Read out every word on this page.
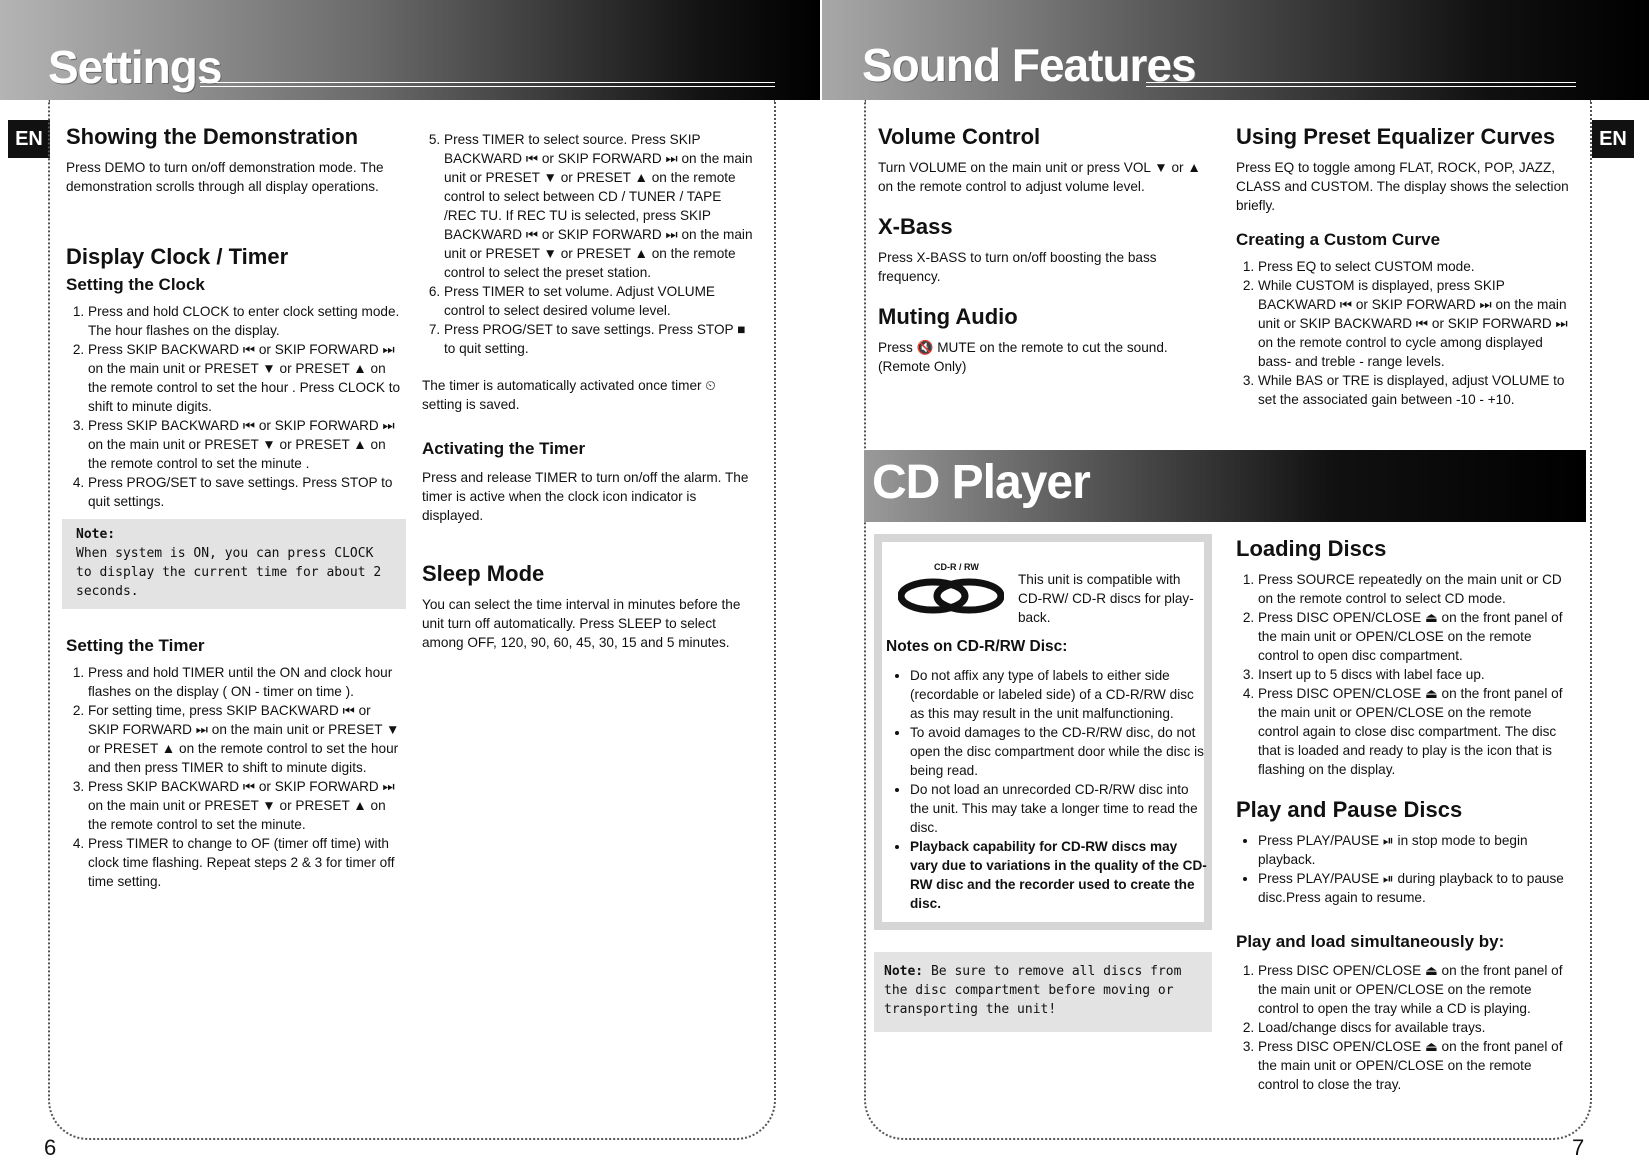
Settings	Sound Features
EN	EN
6	7
Showing the Demonstration

Press DEMO to turn on/off demonstration mode. The demonstration scrolls through all display operations.

Display Clock / Timer
Setting the Clock
1. Press and hold CLOCK to enter clock setting mode. The hour flashes on the display.
2. Press SKIP BACKWARD ⏮ or SKIP FORWARD ⏭ on the main unit or PRESET ▼ or PRESET ▲ on the remote control to set the hour . Press CLOCK to shift to minute digits.
3. Press SKIP BACKWARD ⏮ or SKIP FORWARD ⏭ on the main unit or PRESET ▼ or PRESET ▲ on the remote control to set the minute .
4. Press PROG/SET to save settings. Press STOP to quit settings.
Note:
When system is ON, you can press CLOCK to display the current time for about 2 seconds.
Setting the Timer
1. Press and hold TIMER until the ON and clock hour flashes on the display ( ON - timer on time ).
2. For setting time, press SKIP BACKWARD ⏮ or SKIP FORWARD ⏭ on the main unit or PRESET ▼ or PRESET ▲ on the remote control to set the hour and then press TIMER to shift to minute digits.
3. Press SKIP BACKWARD ⏮ or SKIP FORWARD ⏭ on the main unit or PRESET ▼ or PRESET ▲ on the remote control to set the minute.
4. Press TIMER to change to OF (timer off time) with clock time flashing. Repeat steps 2 & 3 for timer off time setting.
5. Press TIMER to select source. Press SKIP BACKWARD ⏮ or SKIP FORWARD ⏭ on the main unit or PRESET ▼ or PRESET ▲ on the remote control to select between CD / TUNER / TAPE /REC TU. If REC TU is selected, press SKIP BACKWARD ⏮ or SKIP FORWARD ⏭ on the main unit or PRESET ▼ or PRESET ▲ on the remote control to select the preset station.
6. Press TIMER to set volume. Adjust VOLUME control to select desired volume level.
7. Press PROG/SET to save settings. Press STOP ■ to quit setting.

The timer is automatically activated once timer ⏲ setting is saved.

Activating the Timer

Press and release TIMER to turn on/off the alarm. The timer is active when the clock icon indicator is displayed.

Sleep Mode

You can select the time interval in minutes before the unit turn off automatically. Press SLEEP to select among OFF, 120, 90, 60, 45, 30, 15 and 5 minutes.

Volume Control

Turn VOLUME on the main unit or press VOL ▼ or ▲ on the remote control to adjust volume level.

X-Bass

Press X-BASS to turn on/off boosting the bass frequency.

Muting Audio

Press 🔇 MUTE on the remote to cut the sound. (Remote Only)

Using Preset Equalizer Curves

Press EQ to toggle among FLAT, ROCK, POP, JAZZ, CLASS and CUSTOM. The display shows the selection briefly.

Creating a Custom Curve
1. Press EQ to select CUSTOM mode.
2. While CUSTOM is displayed, press SKIP BACKWARD ⏮ or SKIP FORWARD ⏭ on the main unit or SKIP BACKWARD ⏮ or SKIP FORWARD ⏭ on the remote control to cycle among displayed bass- and treble - range levels.
3. While BAS or TRE is displayed, adjust VOLUME to set the associated gain between -10 - +10.
CD Player
CD-R / RW

This unit is compatible with CD-RW/ CD-R discs for play-back.

Notes on CD-R/RW Disc:
• Do not affix any type of labels to either side (recordable or labeled side) of a CD-R/RW disc as this may result in the unit malfunctioning.
• To avoid damages to the CD-R/RW disc, do not open the disc compartment door while the disc is being read.
• Do not load an unrecorded CD-R/RW disc into the unit. This may take a longer time to read the disc.
• Playback capability for CD-RW discs may vary due to variations in the quality of the CD-RW disc and the recorder used to create the disc.
Note: Be sure to remove all discs from the disc compartment before moving or transporting the unit!
Loading Discs
1. Press SOURCE repeatedly on the main unit or CD on the remote control to select CD mode.
2. Press DISC OPEN/CLOSE ⏏ on the front panel of the main unit or OPEN/CLOSE on the remote control to open disc compartment.
3. Insert up to 5 discs with label face up.
4. Press DISC OPEN/CLOSE ⏏ on the front panel of the main unit or OPEN/CLOSE on the remote control again to close disc compartment. The disc that is loaded and ready to play is the icon that is flashing on the display.
Play and Pause Discs
• Press PLAY/PAUSE ⏯ in stop mode to begin playback.
• Press PLAY/PAUSE ⏯ during playback to to pause disc.Press again to resume.
Play and load simultaneously by:
1. Press DISC OPEN/CLOSE ⏏ on the front panel of the main unit or OPEN/CLOSE on the remote control to open the tray while a CD is playing.
2. Load/change discs for available trays.
3. Press DISC OPEN/CLOSE ⏏ on the front panel of the main unit or OPEN/CLOSE on the remote control to close the tray.
